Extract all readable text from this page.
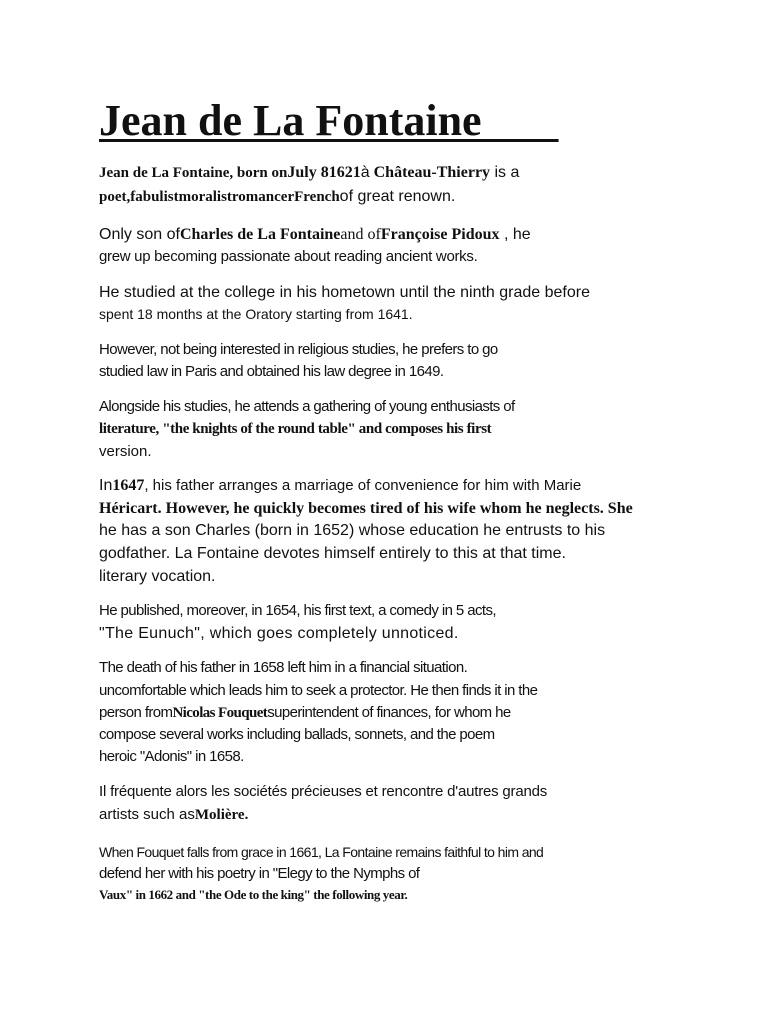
Jean de La Fontaine
Jean de La Fontaine, born onJuly 81621à Château-Thierry is a
poet,fabulistmoralistromancerFrenchof great renown.
Only son ofCharles de La Fontaineand ofFrançoise Pidoux , he
grew up becoming passionate about reading ancient works.
He studied at the college in his hometown until the ninth grade before
spent 18 months at the Oratory starting from 1641.
However, not being interested in religious studies, he prefers to go
studied law in Paris and obtained his law degree in 1649.
Alongside his studies, he attends a gathering of young enthusiasts of
literature, "the knights of the round table" and composes his first
version.
In1647, his father arranges a marriage of convenience for him with Marie
Héricart. However, he quickly becomes tired of his wife whom he neglects. She
he has a son Charles (born in 1652) whose education he entrusts to his
godfather. La Fontaine devotes himself entirely to this at that time.
literary vocation.
He published, moreover, in 1654, his first text, a comedy in 5 acts,
"The Eunuch", which goes completely unnoticed.
The death of his father in 1658 left him in a financial situation.
uncomfortable which leads him to seek a protector. He then finds it in the
person fromNicolas Fouquetsuperintendent of finances, for whom he
compose several works including ballads, sonnets, and the poem
heroic "Adonis" in 1658.
Il fréquente alors les sociétés précieuses et rencontre d'autres grands
artists such asMolière.
When Fouquet falls from grace in 1661, La Fontaine remains faithful to him and
defend her with his poetry in "Elegy to the Nymphs of
Vaux" in 1662 and "the Ode to the king" the following year.
